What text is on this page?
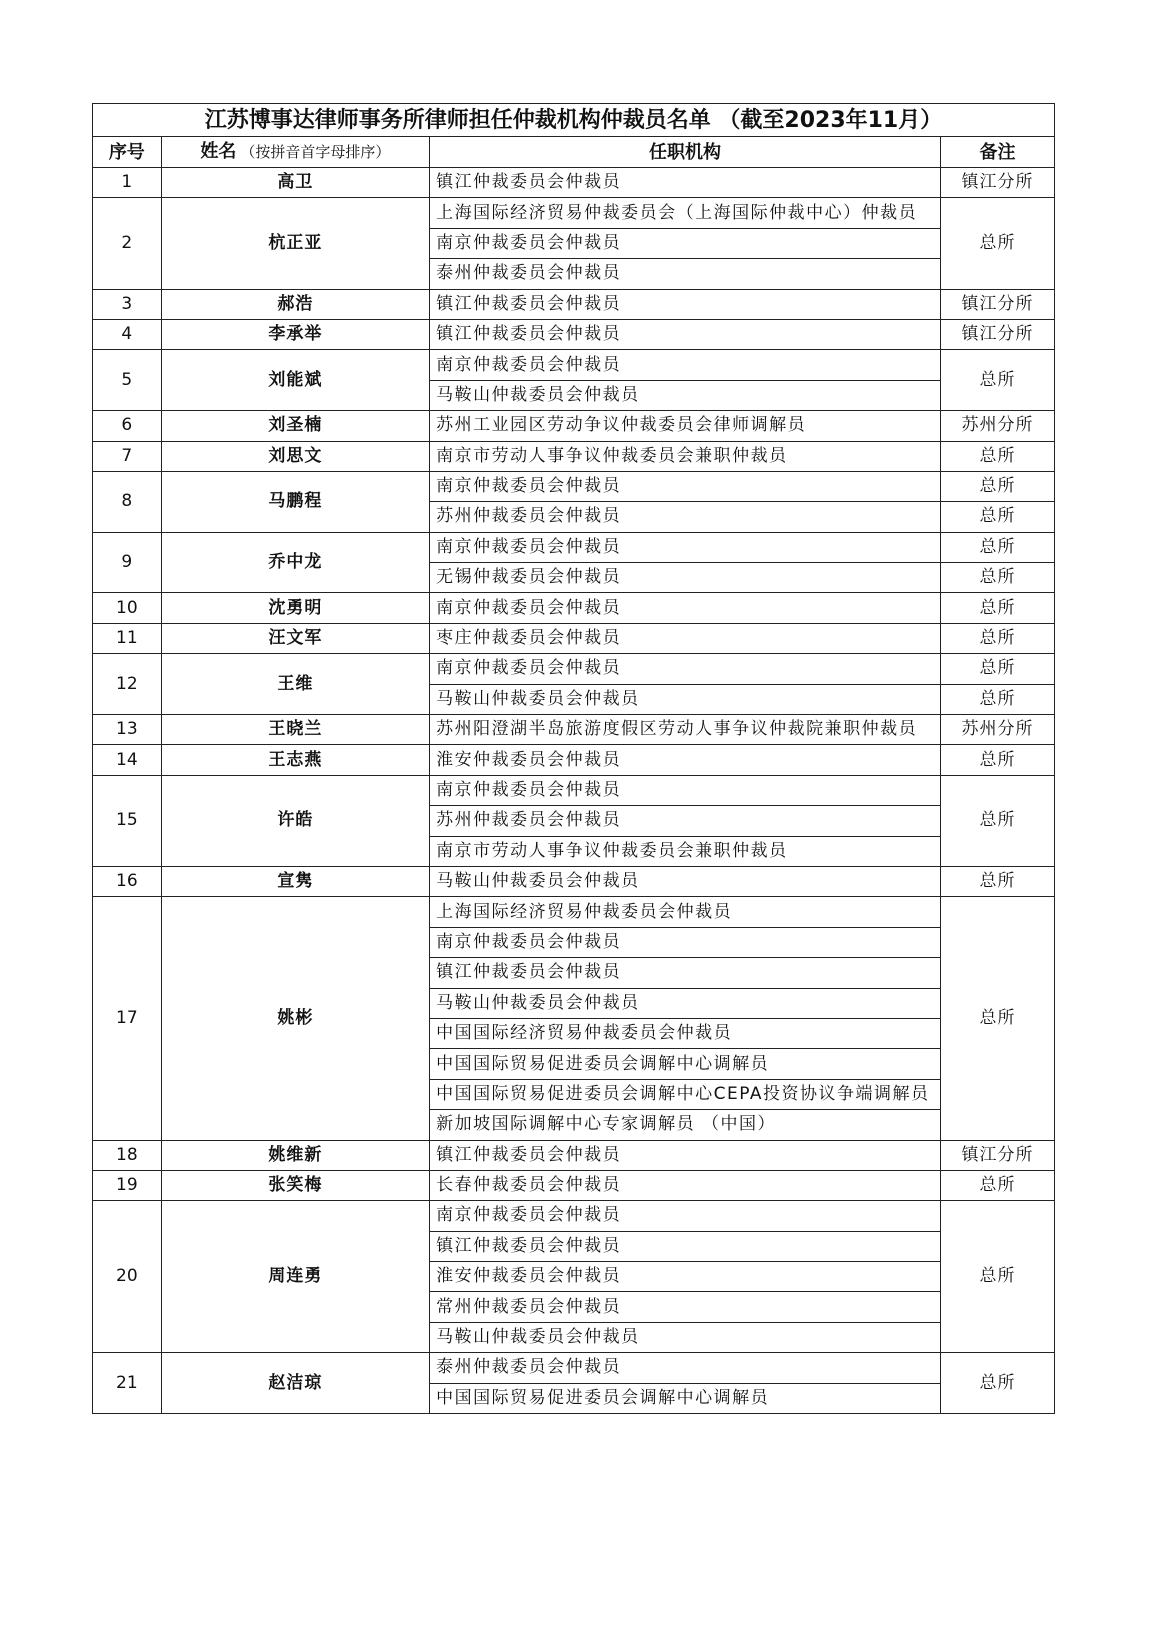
江苏博事达律师事务所律师担任仲裁机构仲裁员名单 （截至2023年11月）			
序号	姓名 （按拼音首字母排序）	任职机构	备注
1	高卫	镇江仲裁委员会仲裁员	镇江分所
2	杭正亚	上海国际经济贸易仲裁委员会（上海国际仲裁中心）仲裁员	总所
		南京仲裁委员会仲裁员	
		泰州仲裁委员会仲裁员	
3	郝浩	镇江仲裁委员会仲裁员	镇江分所
4	李承举	镇江仲裁委员会仲裁员	镇江分所
5	刘能斌	南京仲裁委员会仲裁员	总所
		马鞍山仲裁委员会仲裁员	
6	刘圣楠	苏州工业园区劳动争议仲裁委员会律师调解员	苏州分所
7	刘思文	南京市劳动人事争议仲裁委员会兼职仲裁员	总所
8	马鹏程	南京仲裁委员会仲裁员	总所
		苏州仲裁委员会仲裁员	总所
9	乔中龙	南京仲裁委员会仲裁员	总所
		无锡仲裁委员会仲裁员	总所
10	沈勇明	南京仲裁委员会仲裁员	总所
11	汪文军	枣庄仲裁委员会仲裁员	总所
12	王维	南京仲裁委员会仲裁员	总所
		马鞍山仲裁委员会仲裁员	总所
13	王晓兰	苏州阳澄湖半岛旅游度假区劳动人事争议仲裁院兼职仲裁员	苏州分所
14	王志燕	淮安仲裁委员会仲裁员	总所
15	许皓	南京仲裁委员会仲裁员	总所
		苏州仲裁委员会仲裁员	
		南京市劳动人事争议仲裁委员会兼职仲裁员	
16	宣隽	马鞍山仲裁委员会仲裁员	总所
17	姚彬	上海国际经济贸易仲裁委员会仲裁员	总所
		南京仲裁委员会仲裁员	
		镇江仲裁委员会仲裁员	
		马鞍山仲裁委员会仲裁员	
		中国国际经济贸易仲裁委员会仲裁员	
		中国国际贸易促进委员会调解中心调解员	
		中国国际贸易促进委员会调解中心CEPA投资协议争端调解员	
		新加坡国际调解中心专家调解员 （中国）	
18	姚维新	镇江仲裁委员会仲裁员	镇江分所
19	张笑梅	长春仲裁委员会仲裁员	总所
20	周连勇	南京仲裁委员会仲裁员	总所
		镇江仲裁委员会仲裁员	
		淮安仲裁委员会仲裁员	
		常州仲裁委员会仲裁员	
		马鞍山仲裁委员会仲裁员	
21	赵洁琼	泰州仲裁委员会仲裁员	总所
		中国国际贸易促进委员会调解中心调解员	
